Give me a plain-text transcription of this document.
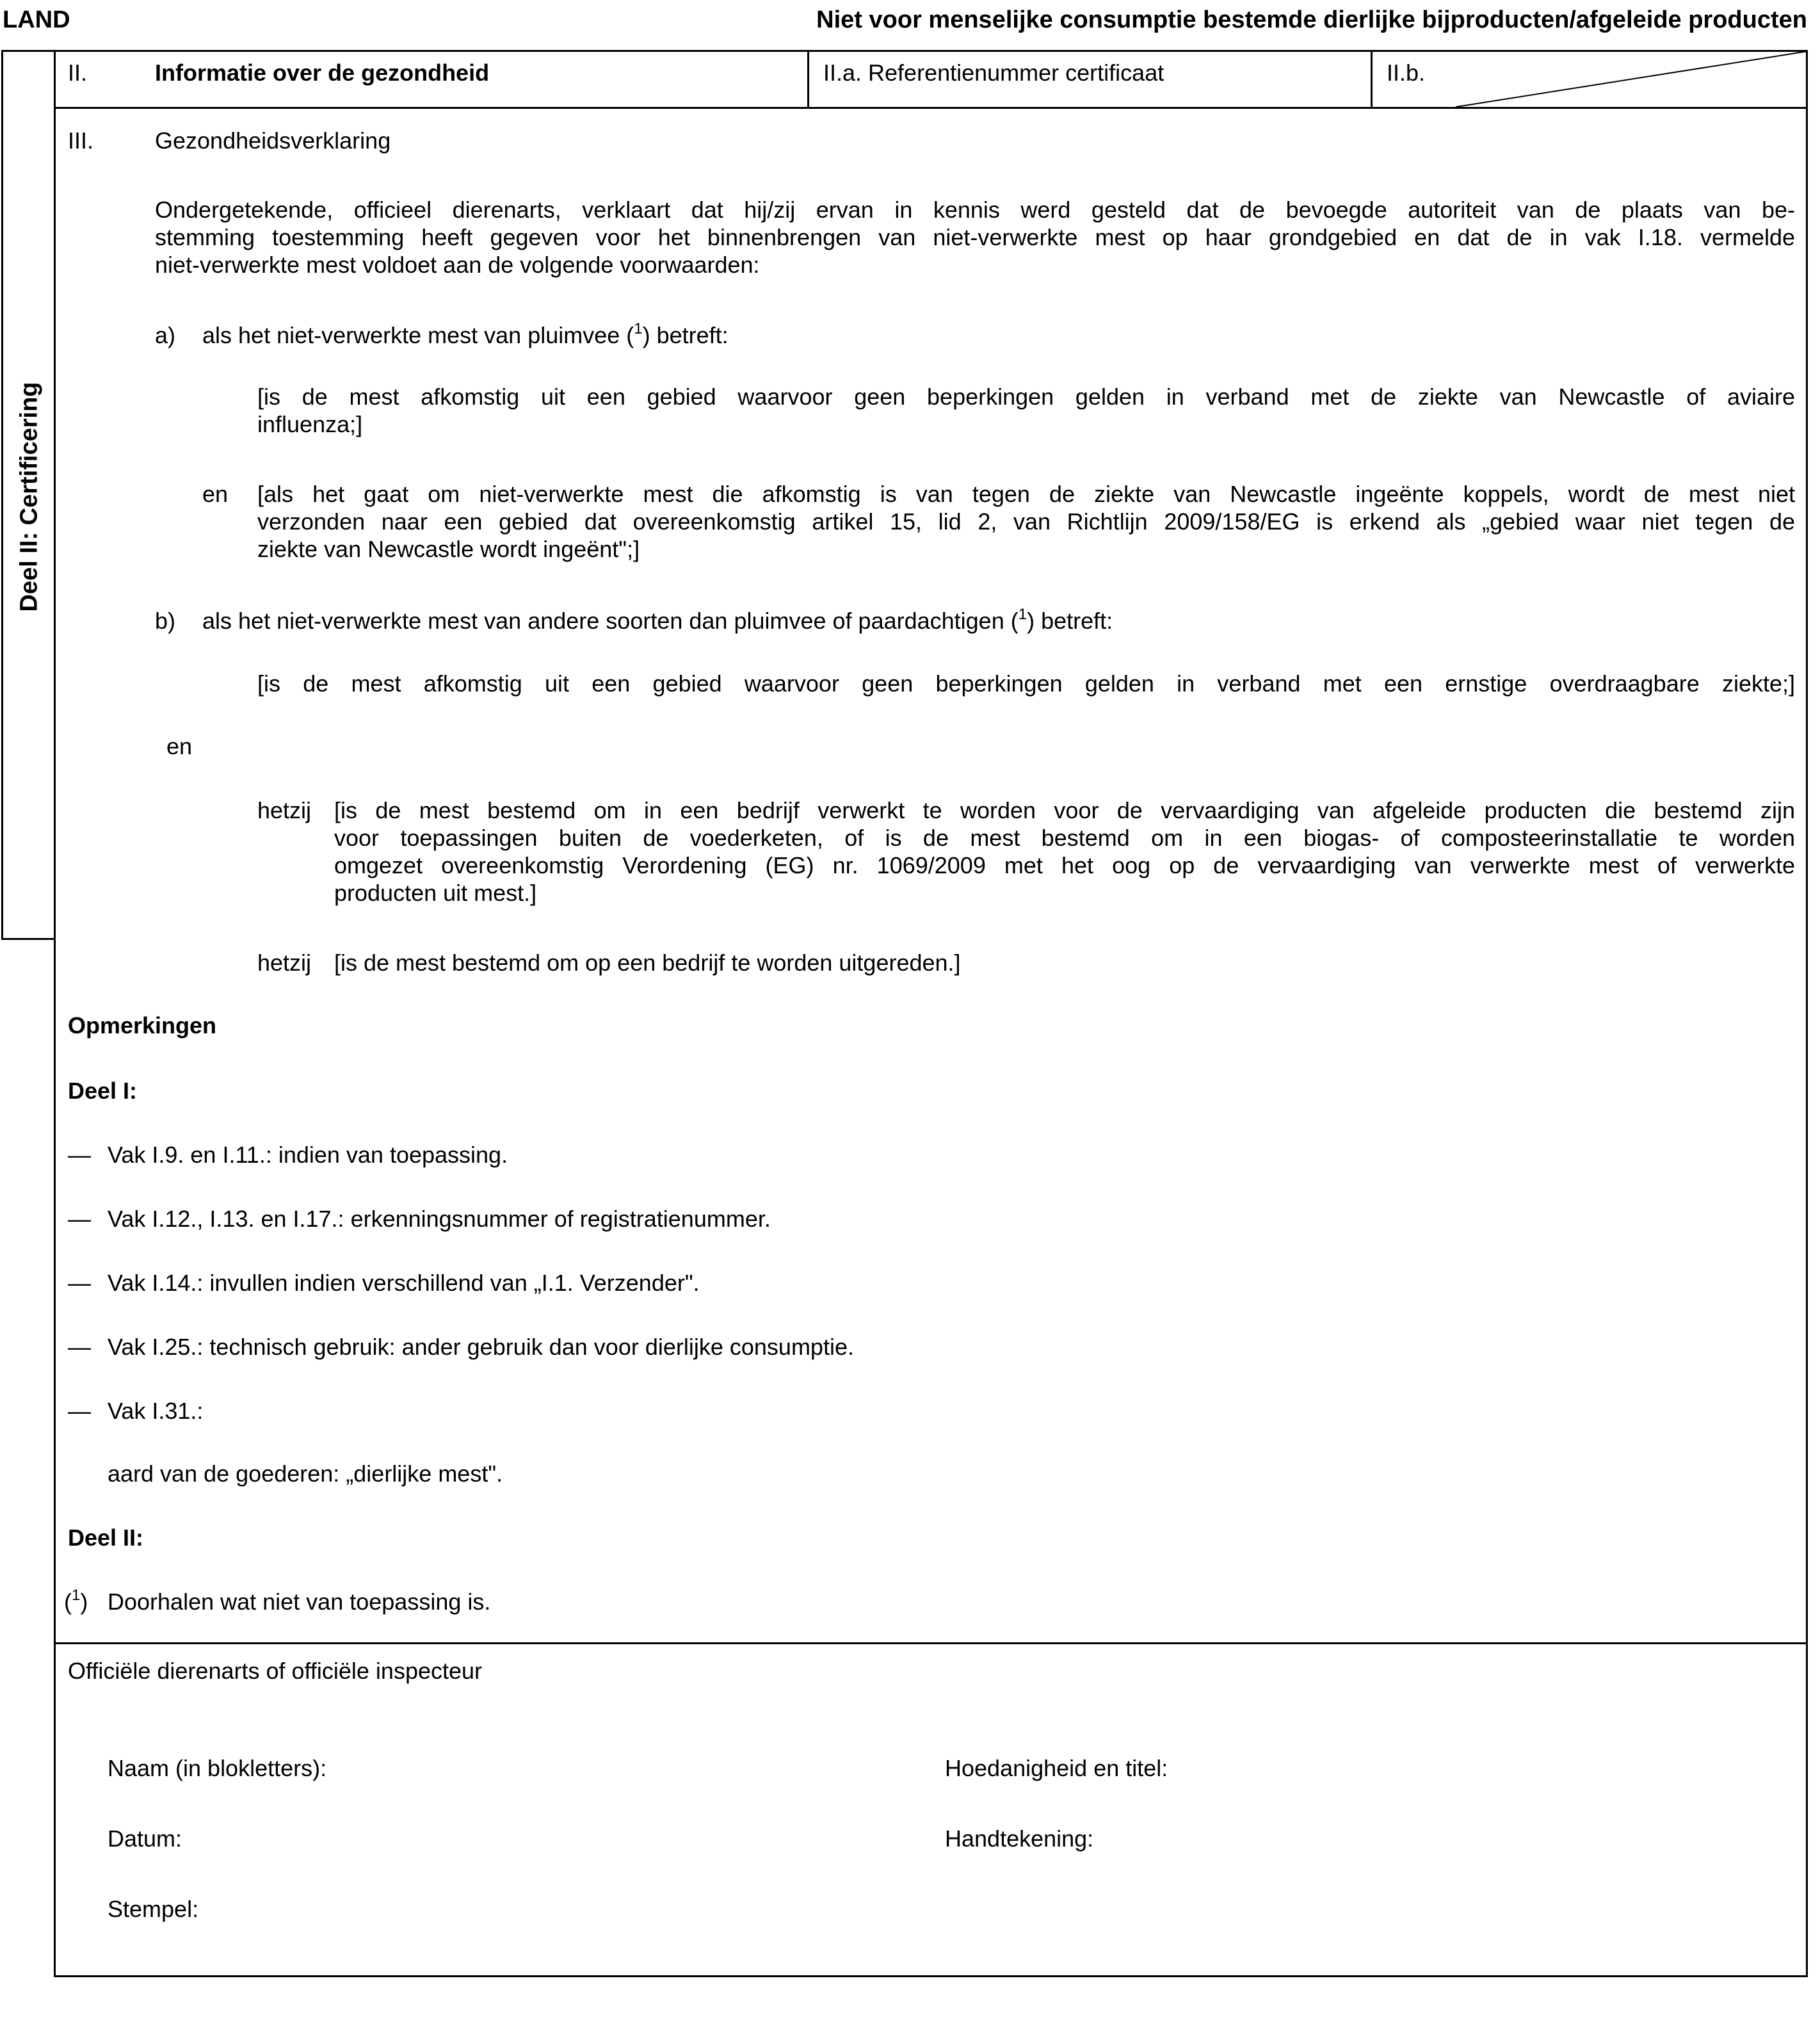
LAND	Niet voor menselijke consumptie bestemde dierlijke bijproducten/afgeleide producten
Deel II: Certificering
II.	Informatie over de gezondheid	II.a. Referentienummer certificaat	II.b.
III.	Gezondheidsverklaring
Ondergetekende, officieel dierenarts, verklaart dat hij/zij ervan in kennis werd gesteld dat de bevoegde autoriteit van de plaats van be-
stemming toestemming heeft gegeven voor het binnenbrengen van niet-verwerkte mest op haar grondgebied en dat de in vak I.18. vermelde
niet-verwerkte mest voldoet aan de volgende voorwaarden:
a) als het niet-verwerkte mest van pluimvee ($^1$) betreft:
[is de mest afkomstig uit een gebied waarvoor geen beperkingen gelden in verband met de ziekte van Newcastle of aviaire
influenza;]
en [als het gaat om niet-verwerkte mest die afkomstig is van tegen de ziekte van Newcastle ingeënte koppels, wordt de mest niet
verzonden naar een gebied dat overeenkomstig artikel 15, lid 2, van Richtlijn 2009/158/EG is erkend als „gebied waar niet tegen de
ziekte van Newcastle wordt ingeënt";]
b) als het niet-verwerkte mest van andere soorten dan pluimvee of paardachtigen ($^1$) betreft:
[is de mest afkomstig uit een gebied waarvoor geen beperkingen gelden in verband met een ernstige overdraagbare ziekte;]
en
hetzij [is de mest bestemd om in een bedrijf verwerkt te worden voor de vervaardiging van afgeleide producten die bestemd zijn
voor toepassingen buiten de voederketen, of is de mest bestemd om in een biogas- of composteerinstallatie te worden
omgezet overeenkomstig Verordening (EG) nr. 1069/2009 met het oog op de vervaardiging van verwerkte mest of verwerkte
producten uit mest.]
hetzij [is de mest bestemd om op een bedrijf te worden uitgereden.]
Opmerkingen
Deel I:
— Vak I.9. en I.11.: indien van toepassing.
— Vak I.12., I.13. en I.17.: erkenningsnummer of registratienummer.
— Vak I.14.: invullen indien verschillend van „I.1. Verzender".
— Vak I.25.: technisch gebruik: ander gebruik dan voor dierlijke consumptie.
— Vak I.31.:
aard van de goederen: „dierlijke mest".
Deel II:
($^1$) Doorhalen wat niet van toepassing is.
Officiële dierenarts of officiële inspecteur
Naam (in blokletters):	Hoedanigheid en titel:
Datum:	Handtekening:
Stempel:
